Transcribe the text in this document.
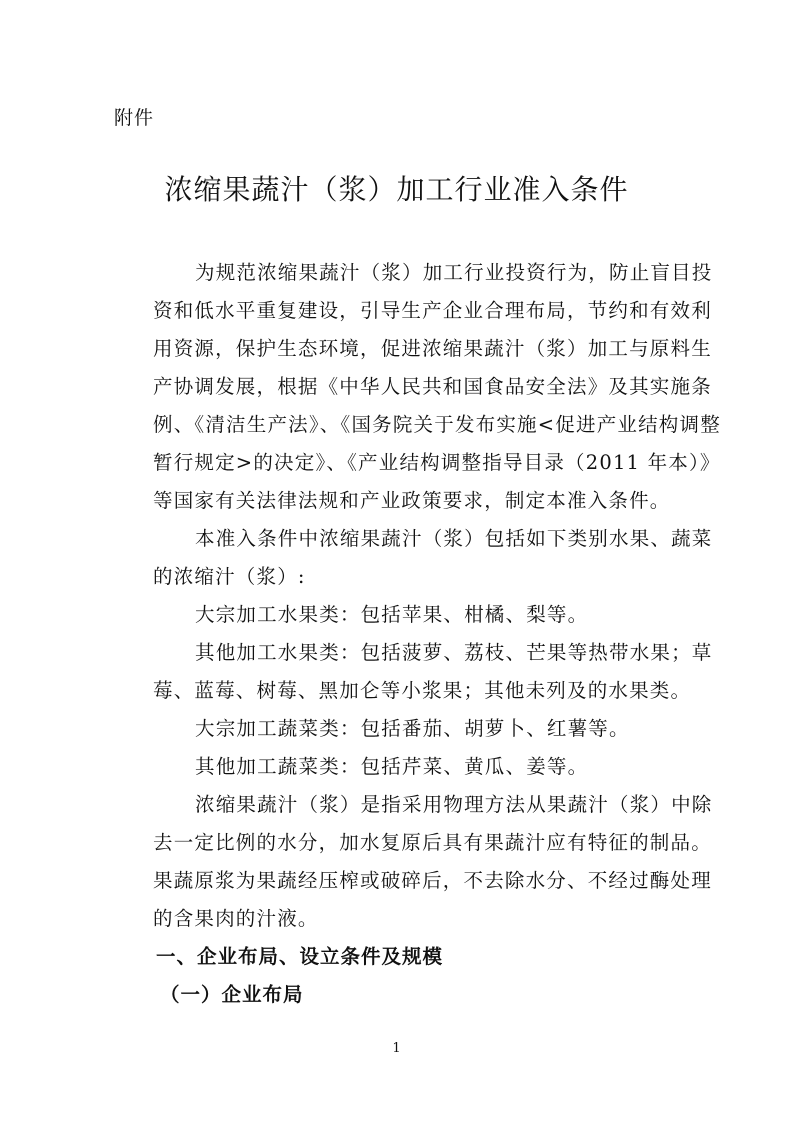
附件
浓缩果蔬汁（浆）加工行业准入条件

为规范浓缩果蔬汁（浆）加工行业投资行为，防止盲目投
资和低水平重复建设，引导生产企业合理布局，节约和有效利
用资源，保护生态环境，促进浓缩果蔬汁（浆）加工与原料生
产协调发展，根据《中华人民共和国食品安全法》及其实施条
例、《清洁生产法》、《国务院关于发布实施<促进产业结构调整
暂行规定>的决定》、《产业结构调整指导目录（2011 年本）》
等国家有关法律法规和产业政策要求，制定本准入条件。

本准入条件中浓缩果蔬汁（浆）包括如下类别水果、蔬菜
的浓缩汁（浆）:

大宗加工水果类：包括苹果、柑橘、梨等。

其他加工水果类：包括菠萝、荔枝、芒果等热带水果；草
莓、蓝莓、树莓、黑加仑等小浆果；其他未列及的水果类。

大宗加工蔬菜类：包括番茄、胡萝卜、红薯等。

其他加工蔬菜类：包括芹菜、黄瓜、姜等。

浓缩果蔬汁（浆）是指采用物理方法从果蔬汁（浆）中除
去一定比例的水分，加水复原后具有果蔬汁应有特征的制品。
果蔬原浆为果蔬经压榨或破碎后，不去除水分、不经过酶处理
的含果肉的汁液。

一、企业布局、设立条件及规模

（一）企业布局

1
